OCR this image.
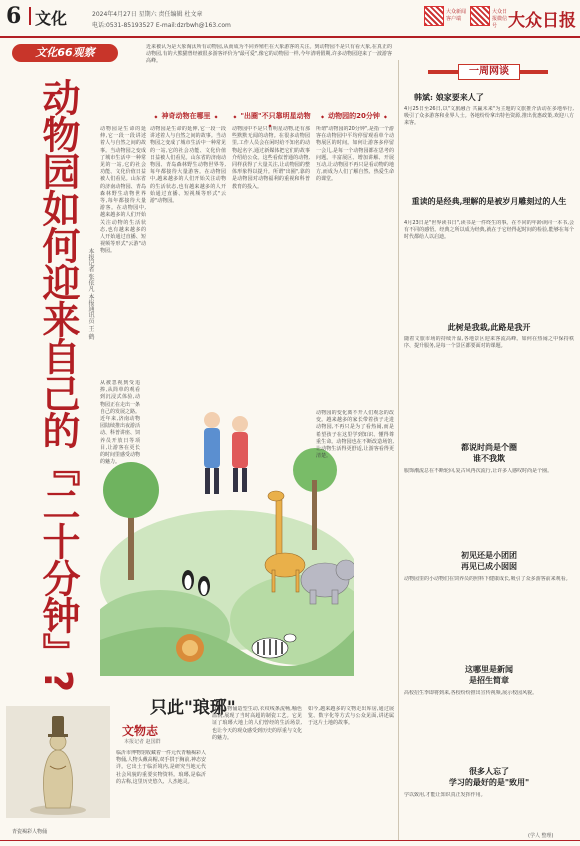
6 文化	2024年4月27日 星期六 责任编辑 杜文章
电话:0531-85193527 E-mail:dzrbwh@163.com
大众新闻客户端
大众日报微信号 大众日报
文化66观察
动物园如何迎来自己的『二十分钟』? 本报记者 张依凡 本报通讯员 王 鹤
近来被认为是大象淘汰所有动物园,从而成为不同养殖栏在大象游客的关注。到动物园不是只有看大象,在真正的动物园,有的大熊猫曾经被很多游客评价为"最可爱",像它的动物园一样,今年清明假期,许多动物园迎来了一波游客高峰。
◆ 神奇动物在哪里 ◆	◆ "出圈"不只靠明星动物 ◆	◆ 动物园的20分钟 ◆
动物园是生命的延伸,它一段一段讲述着人与自然之间的故事。当动物园之变成了城市生活中一种常见的一站,它的社会功能、文化价值日益被人们看见。山东省的济南动物园、青岛森林野生动物世界等,每年都接待大量游客。在动物园中,越来越多的人们开始关注动物的生活状态,也有越来越多的人开始通过直播、短视频等形式"云游"动物园。
动物园是生命的延伸,它一段一段讲述着人与自然之间的故事。当动物园之变成了城市生活中一种常见的一站,它的社会功能、文化价值日益被人们看见。山东省的济南动物园、青岛森林野生动物世界等,每年都接待大量游客。在动物园中,越来越多的人们开始关注动物的生活状态,也有越来越多的人开始通过直播、短视频等形式"云游"动物园。
动物园中不是只有明星动物,还有那些默默无闻的动物。在很多动物园里,工作人员会在闲时给不知名的动物起名字,通过新媒体把它们的故事介绍给公众。这些看似普通的动物,同样获得了大量关注,让动物园的整体形象得以提升。所谓"出圈",靠的是动物园对动物福利的重视和科普教育的投入。
所谓"动物园的20分钟",是指一个游客在动物园中平均停留观看单个动物展区的时间。如何让游客多停留一会儿,是每一个动物园都在思考的问题。丰富展区、增加讲解、开展互动,让动物园不再只是看动物的地方,而成为人们了解自然、热爱生命的课堂。
从被忽视到受追捧,从简单的观看到沉浸式体验,动物园正在走出一条自己的发展之路。近年来,济南动物园陆续推出夜游活动、科普讲座、饲养员开放日等项目,让游客在更长的时间里感受动物的魅力。
动物园的变化离不开人们观念的改变。越来越多的家长带着孩子走进动物园,不再只是为了看热闹,而是希望孩子在这里学到知识、懂得尊重生命。动物园也在不断改造场馆,让动物生活得更舒适,让游客看得更清楚。
只此"琅琊"
文物志
本报记者 赵国群
青瓷褐彩人物俑
临沂市博物馆收藏着一件元代青釉褐彩人物俑,人物头戴高帽,双手拱于胸前,神态安详。它出土于临沂境内,是研究当地元代社会风貌的重要实物资料。琅琊,是临沂的古称,这里历史悠久、人杰地灵。
这件人物俑造型生动,衣纹线条流畅,釉色温润,展现了当时高超的制瓷工艺。它见证了琅琊大地上的人们曾经的生活场景,也让今天的观众感受到历史的厚重与文化的魅力。
如今,越来越多的文物走出库房,通过展览、数字化等方式与公众见面,讲述属于这片土地的故事。
一周网谈
韩斌: 娘家要来人了
4月25日至26日,以"文旅融合 共赢未来"为主题的文旅推介活动在多地举行,吸引了众多游客和业界人士。各地纷纷拿出特色资源,推出优惠政策,欢迎八方来客。
重读的是经典,理解的是被岁月雕刻过的人生
4月23日是"世界读书日",读书是一件终生的事。在不同的年龄读同一本书,会有不同的感悟。经典之所以成为经典,就在于它经得起时间的检验,能够在每个时代都给人以启迪。
此树是我栽,此路是我开
随着文旅市场的持续升温,各地景区迎来客流高峰。如何在热闹之中保持秩序、提升服务,是每一个景区都要面对的课题。
都说时尚是个圈
谁不我欺
服饰潮流总在不断轮回,复古风再次流行,让许多人感叹时尚是个圈。
初见还是小团团
再见已成小囡囡
动物园里的小动物们在饲养员的照料下健康成长,吸引了众多游客前来观看。
这哪里是新闻
是招生简章
高校招生季即将到来,各校纷纷推出宣传视频,展示校园风貌。
很多人忘了
学习的最好的是"致用"
学以致用,才能让知识真正发挥作用。
(学人 整理)
